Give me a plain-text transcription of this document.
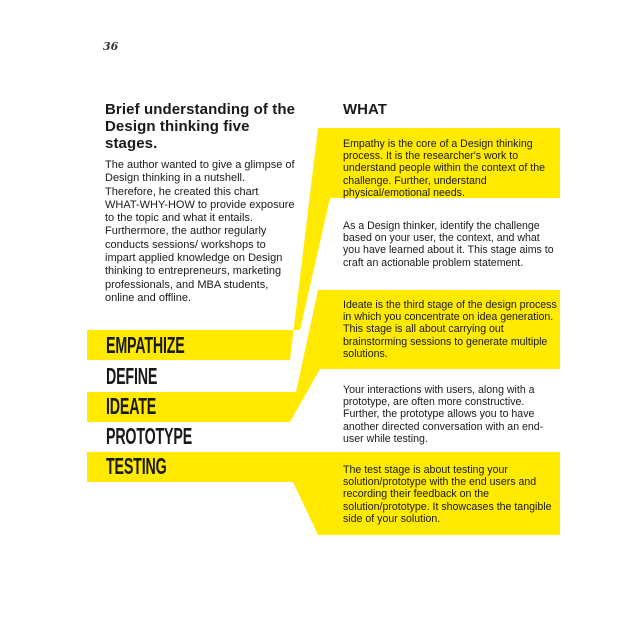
36
Brief understanding of the Design thinking five stages.
The author wanted to give a glimpse of Design thinking in a nutshell. Therefore, he created this chart WHAT-WHY-HOW to provide exposure to the topic and what it entails. Furthermore, the author regularly conducts sessions/ workshops to impart applied knowledge on Design thinking to entrepreneurs, marketing professionals, and MBA students, online and offline.
WHAT
Empathy is the core of a Design thinking process. It is the researcher's work to understand people within the context of the challenge. Further, understand physical/emotional needs.
As a Design thinker, identify the challenge based on your user, the context, and what you have learned about it. This stage aims to craft an actionable problem statement.
Ideate is the third stage of the design process in which you concentrate on idea generation. This stage is all about carrying out brainstorming sessions to generate multiple solutions.
Your interactions with users, along with a prototype, are often more constructive. Further, the prototype allows you to have another directed conversation with an end-user while testing.
The test stage is about testing your solution/prototype with the end users and recording their feedback on the solution/prototype. It showcases the tangible side of your solution.
EMPATHIZE
DEFINE
IDEATE
PROTOTYPE
TESTING
